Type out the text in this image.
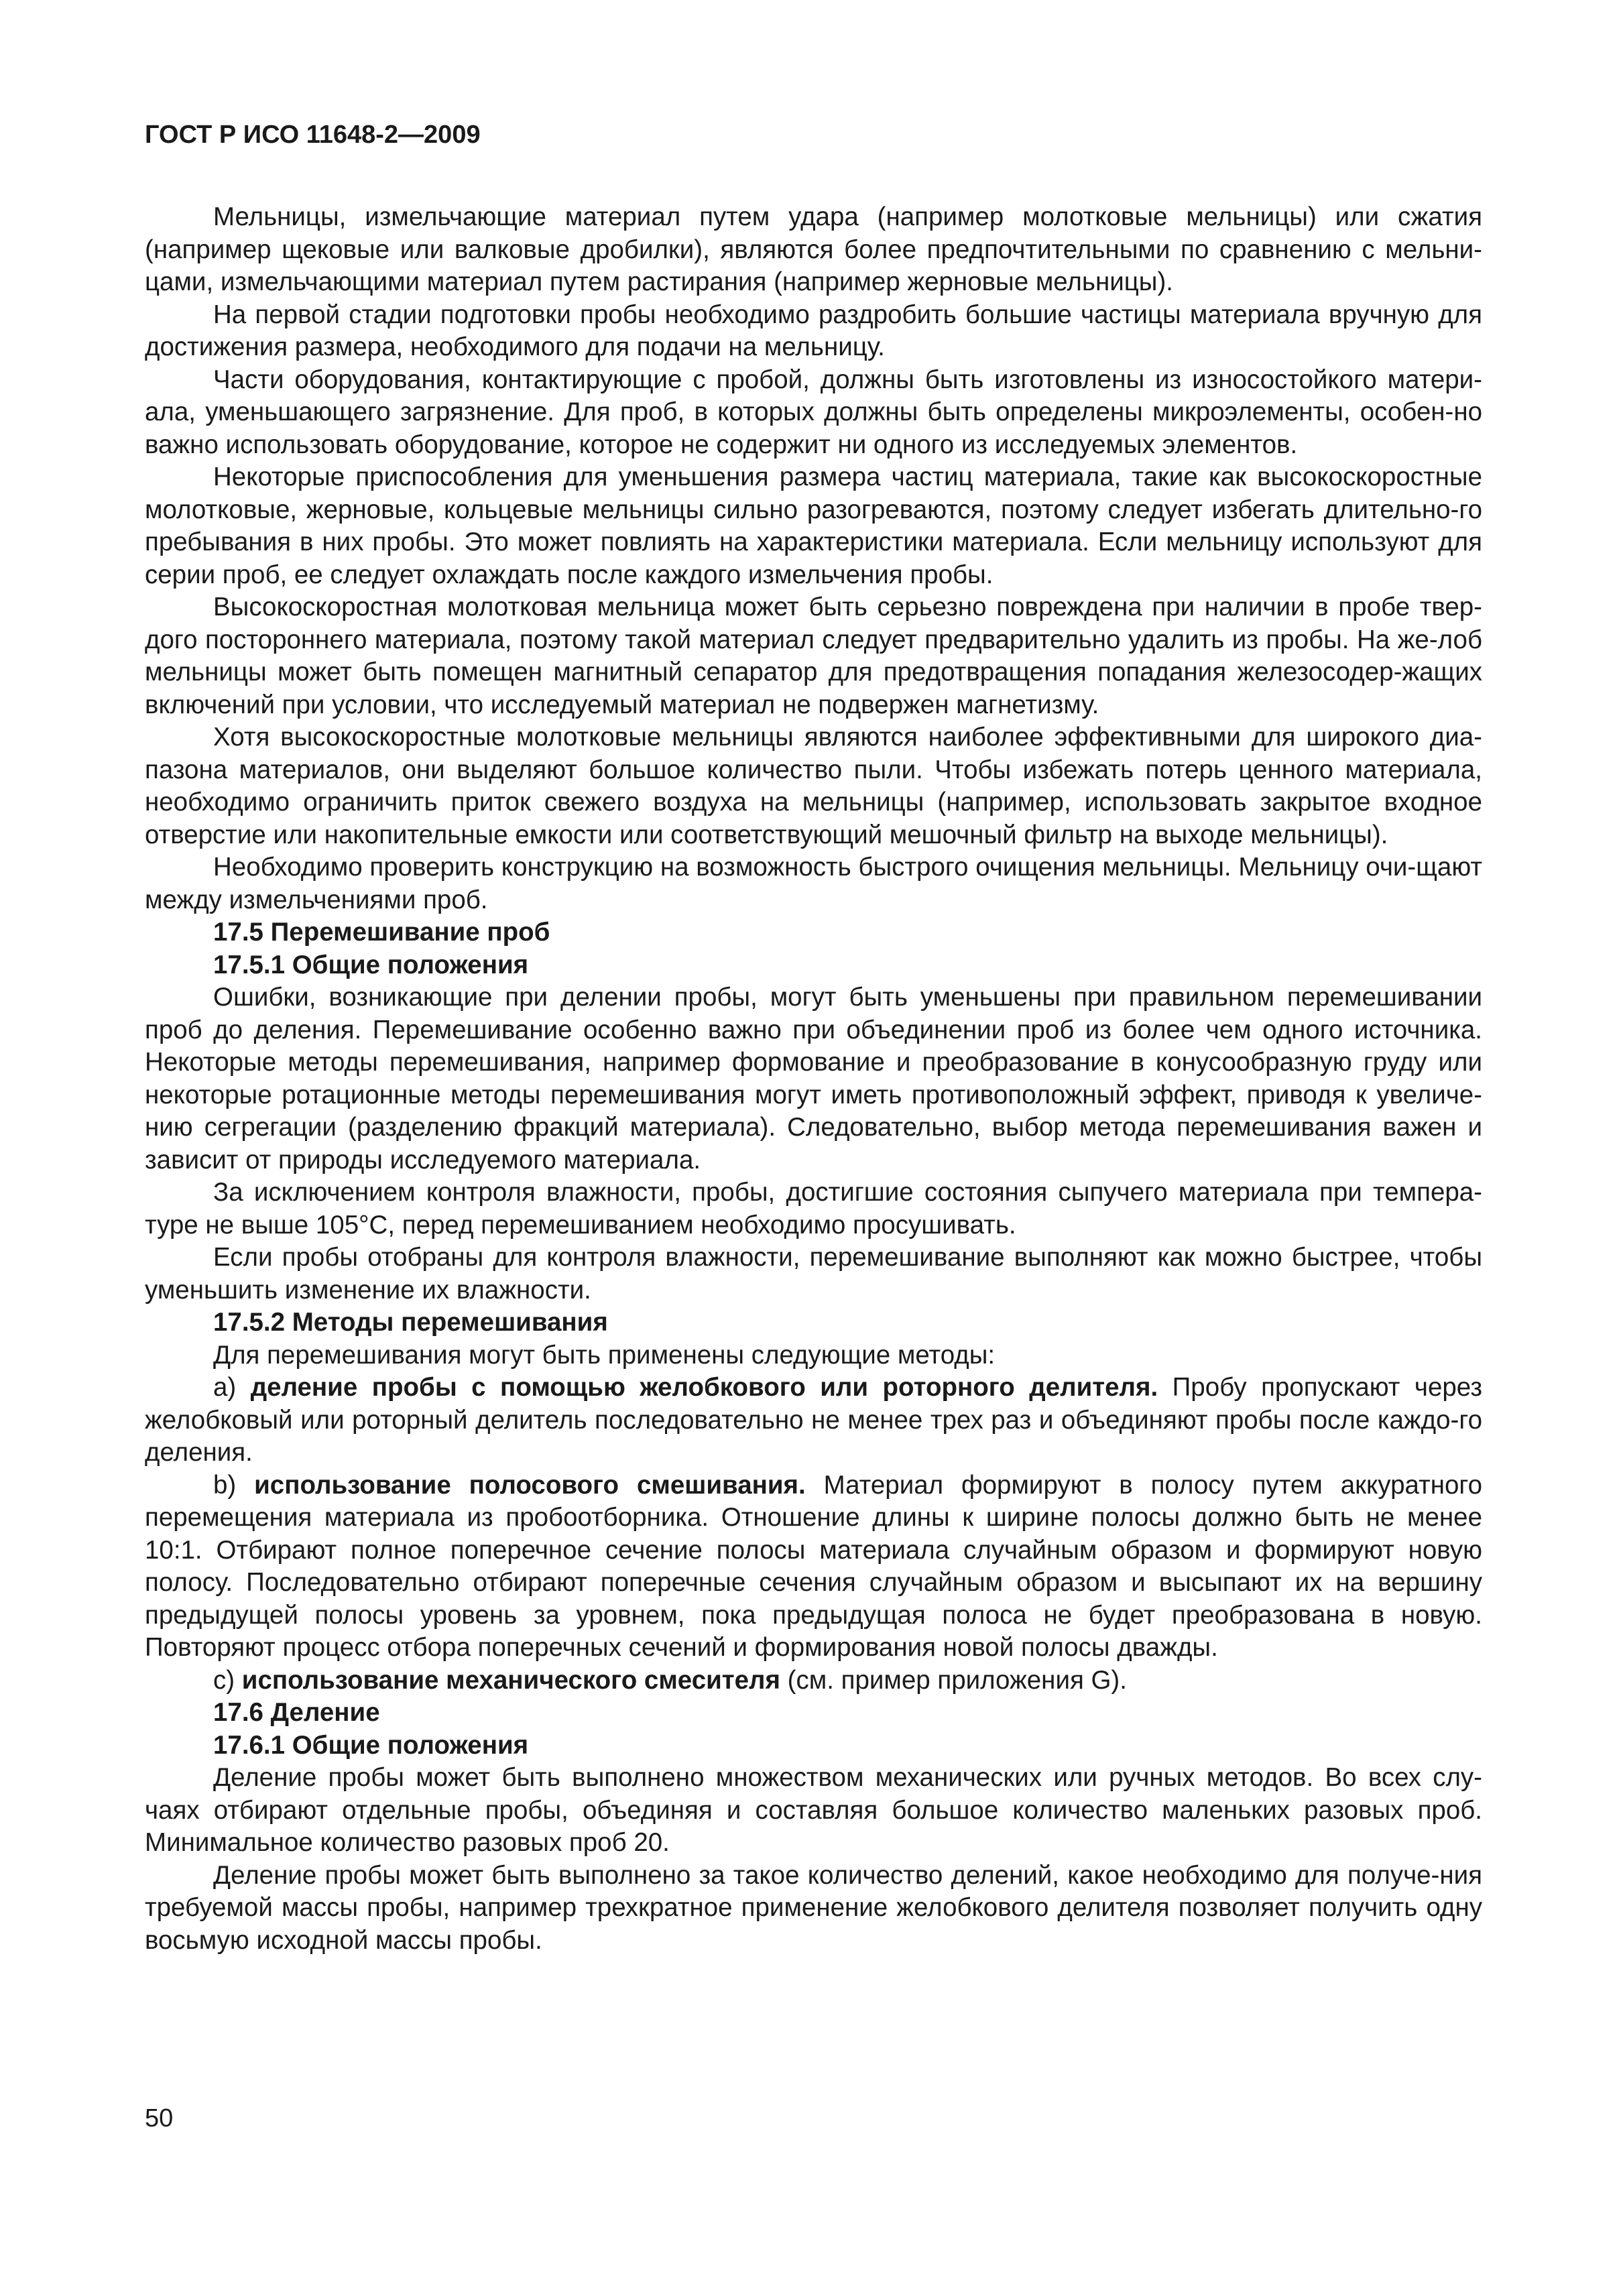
ГОСТ Р ИСО 11648-2—2009

Мельницы, измельчающие материал путем удара (например молотковые мельницы) или сжатия (например щековые или валковые дробилки), являются более предпочтительными по сравнению с мельни-цами, измельчающими материал путем растирания (например жерновые мельницы).

На первой стадии подготовки пробы необходимо раздробить большие частицы материала вручную для достижения размера, необходимого для подачи на мельницу.

Части оборудования, контактирующие с пробой, должны быть изготовлены из износостойкого матери-ала, уменьшающего загрязнение. Для проб, в которых должны быть определены микроэлементы, особен-но важно использовать оборудование, которое не содержит ни одного из исследуемых элементов.

Некоторые приспособления для уменьшения размера частиц материала, такие как высокоскоростные молотковые, жерновые, кольцевые мельницы сильно разогреваются, поэтому следует избегать длительно-го пребывания в них пробы. Это может повлиять на характеристики материала. Если мельницу используют для серии проб, ее следует охлаждать после каждого измельчения пробы.

Высокоскоростная молотковая мельница может быть серьезно повреждена при наличии в пробе твер-дого постороннего материала, поэтому такой материал следует предварительно удалить из пробы. На же-лоб мельницы может быть помещен магнитный сепаратор для предотвращения попадания железосодер-жащих включений при условии, что исследуемый материал не подвержен магнетизму.

Хотя высокоскоростные молотковые мельницы являются наиболее эффективными для широкого диа-пазона материалов, они выделяют большое количество пыли. Чтобы избежать потерь ценного материала, необходимо ограничить приток свежего воздуха на мельницы (например, использовать закрытое входное отверстие или накопительные емкости или соответствующий мешочный фильтр на выходе мельницы).

Необходимо проверить конструкцию на возможность быстрого очищения мельницы. Мельницу очи-щают между измельчениями проб.

17.5 Перемешивание проб

17.5.1 Общие положения

Ошибки, возникающие при делении пробы, могут быть уменьшены при правильном перемешивании проб до деления. Перемешивание особенно важно при объединении проб из более чем одного источника. Некоторые методы перемешивания, например формование и преобразование в конусообразную груду или некоторые ротационные методы перемешивания могут иметь противоположный эффект, приводя к увеличе-нию сегрегации (разделению фракций материала). Следовательно, выбор метода перемешивания важен и зависит от природы исследуемого материала.

За исключением контроля влажности, пробы, достигшие состояния сыпучего материала при темпера-туре не выше 105°С, перед перемешиванием необходимо просушивать.

Если пробы отобраны для контроля влажности, перемешивание выполняют как можно быстрее, чтобы уменьшить изменение их влажности.

17.5.2 Методы перемешивания

Для перемешивания могут быть применены следующие методы:

а) деление пробы с помощью желобкового или роторного делителя. Пробу пропускают через желобковый или роторный делитель последовательно не менее трех раз и объединяют пробы после каждо-го деления.

b) использование полосового смешивания. Материал формируют в полосу путем аккуратного перемещения материала из пробоотборника. Отношение длины к ширине полосы должно быть не менее 10:1. Отбирают полное поперечное сечение полосы материала случайным образом и формируют новую полосу. Последовательно отбирают поперечные сечения случайным образом и высыпают их на вершину предыдущей полосы уровень за уровнем, пока предыдущая полоса не будет преобразована в новую. Повторяют процесс отбора поперечных сечений и формирования новой полосы дважды.

с) использование механического смесителя (см. пример приложения G).

17.6 Деление

17.6.1 Общие положения

Деление пробы может быть выполнено множеством механических или ручных методов. Во всех слу-чаях отбирают отдельные пробы, объединяя и составляя большое количество маленьких разовых проб. Минимальное количество разовых проб 20.

Деление пробы может быть выполнено за такое количество делений, какое необходимо для получе-ния требуемой массы пробы, например трехкратное применение желобкового делителя позволяет получить одну восьмую исходной массы пробы.

50
